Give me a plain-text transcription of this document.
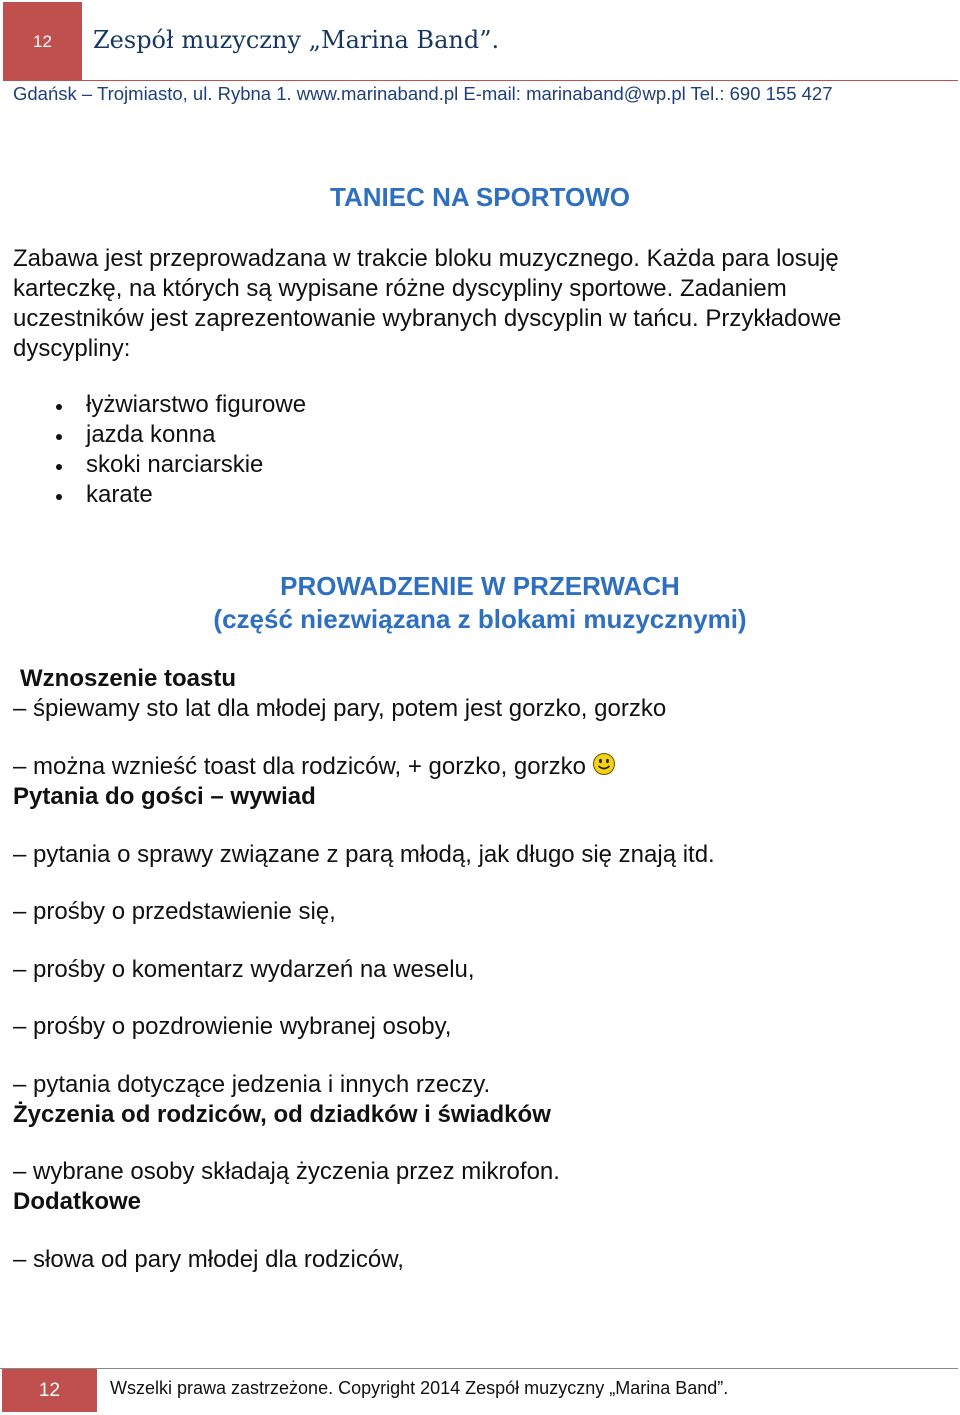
12	Zespół muzyczny „Marina Band”.
Gdańsk – Trojmiasto, ul. Rybna 1. www.marinaband.pl E-mail: marinaband@wp.pl Tel.: 690 155 427
TANIEC NA SPORTOWO
Zabawa jest przeprowadzana w trakcie bloku muzycznego. Każda para losuję
karteczkę, na których są wypisane różne dyscypliny sportowe. Zadaniem
uczestników jest zaprezentowanie wybranych dyscyplin w tańcu. Przykładowe
dyscypliny:
łyżwiarstwo figurowe
jazda konna
skoki narciarskie
karate
PROWADZENIE W PRZERWACH
(część niezwiązana z blokami muzycznymi)
Wznoszenie toastu
– śpiewamy sto lat dla młodej pary, potem jest gorzko, gorzko
– można wznieść toast dla rodziców, + gorzko, gorzko
Pytania do gości – wywiad
– pytania o sprawy związane z parą młodą, jak długo się znają itd.
– prośby o przedstawienie się,
– prośby o komentarz wydarzeń na weselu,
– prośby o pozdrowienie wybranej osoby,
– pytania dotyczące jedzenia i innych rzeczy.
Życzenia od rodziców, od dziadków i świadków
– wybrane osoby składają życzenia przez mikrofon.
Dodatkowe
– słowa od pary młodej dla rodziców,
12	Wszelki prawa zastrzeżone. Copyright 2014 Zespół muzyczny „Marina Band”.
